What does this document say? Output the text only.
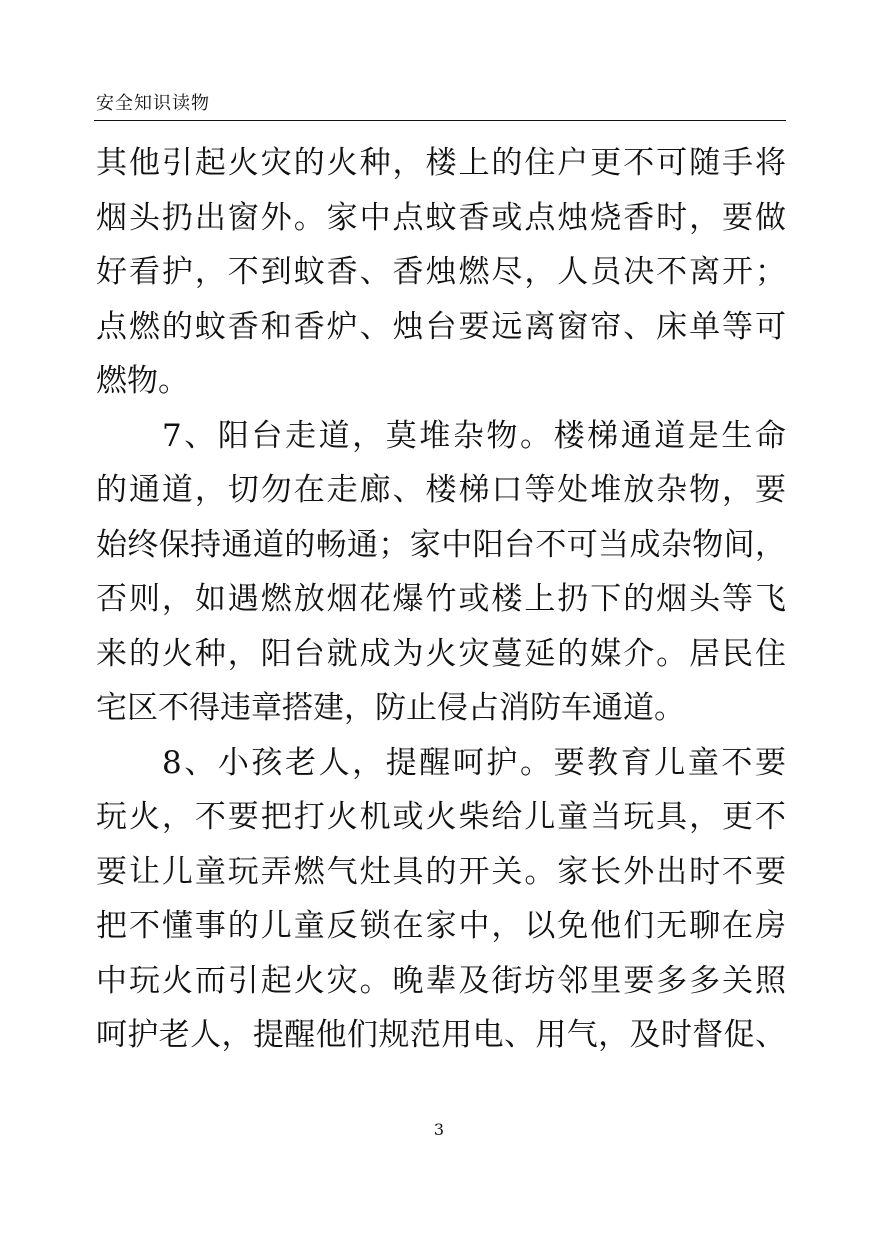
安全知识读物
其他引起火灾的火种，楼上的住户更不可随手将
烟头扔出窗外。家中点蚊香或点烛烧香时，要做
好看护，不到蚊香、香烛燃尽，人员决不离开；
点燃的蚊香和香炉、烛台要远离窗帘、床单等可
燃物。
7、阳台走道，莫堆杂物。楼梯通道是生命
的通道，切勿在走廊、楼梯口等处堆放杂物，要
始终保持通道的畅通；家中阳台不可当成杂物间，
否则，如遇燃放烟花爆竹或楼上扔下的烟头等飞
来的火种，阳台就成为火灾蔓延的媒介。居民住
宅区不得违章搭建，防止侵占消防车通道。
8、小孩老人，提醒呵护。要教育儿童不要
玩火，不要把打火机或火柴给儿童当玩具，更不
要让儿童玩弄燃气灶具的开关。家长外出时不要
把不懂事的儿童反锁在家中，以免他们无聊在房
中玩火而引起火灾。晚辈及街坊邻里要多多关照
呵护老人，提醒他们规范用电、用气，及时督促、
3
